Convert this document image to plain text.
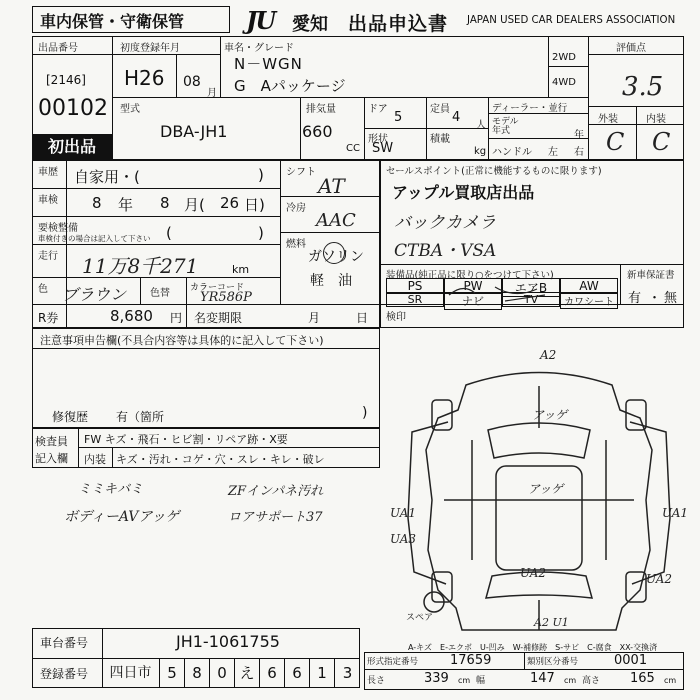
車内保管・守衛保管	JU 愛知 出品申込書 JAPAN USED CAR DEALERS ASSOCIATION
出品番号
[2146]
00102
初出品
初度登録年月
H26 08
月
車名・グレード
N－WGN
G　Aパッケージ
2WD
4WD
評価点
3.5
外装	内装
C C
型式
DBA-JH1
排気量
660
CC
ドア
5
定員
4
人
形状
SW
積載
kg
ディーラー・並行
モデル年式	年
ハンドル 左 右
車歴 自家用・(	)
車検 8 年 8 月( 26 日)
要検整備
車検付きの場合は記入して下さい (	)
走行 11万8千271	km
色 ブラウン 色替 カラーコード
YR586P
R券	8,680 円 名変期限	月	日
シフト
AT
冷房
AAC
燃料
ガソリン
軽　油
セールスポイント(正常に機能するものに限ります)
アップル買取店出品
バックカメラ
CTBA・VSA
装備品(純正品に限り○をつけて下さい)	新車保証書
有 ・ 無
PS	PW	エアB	AW
SR	ナビ	TV	カワシート
検印
注意事項申告欄(不具合内容等は具体的に記入して下さい)
修復歴 有（箇所	)
検査員
記入欄
FW キズ・飛石・ヒビ割・リペア跡・X要
内装 キズ・汚れ・コゲ・穴・スレ・キレ・破レ
ミミキバミ
ボディーAVアッゲ
ZFインパネ汚れ
ロアサポート37
A2
アッゲ
アッゲ
UA1
UA3
UA1
UA2	UA2
A2 U1
スペア
A-キズ　E-エクボ　U-凹み　W-補修跡　S-サビ　C-腐食　XX-交換済
車台番号	JH1-1061755
登録番号	四日市	5	8	0 え 6	6	1	3
形式指定番号 17659	類別区分番号	0001
長さ	339 cm 幅	147 cm 高さ 165 cm
